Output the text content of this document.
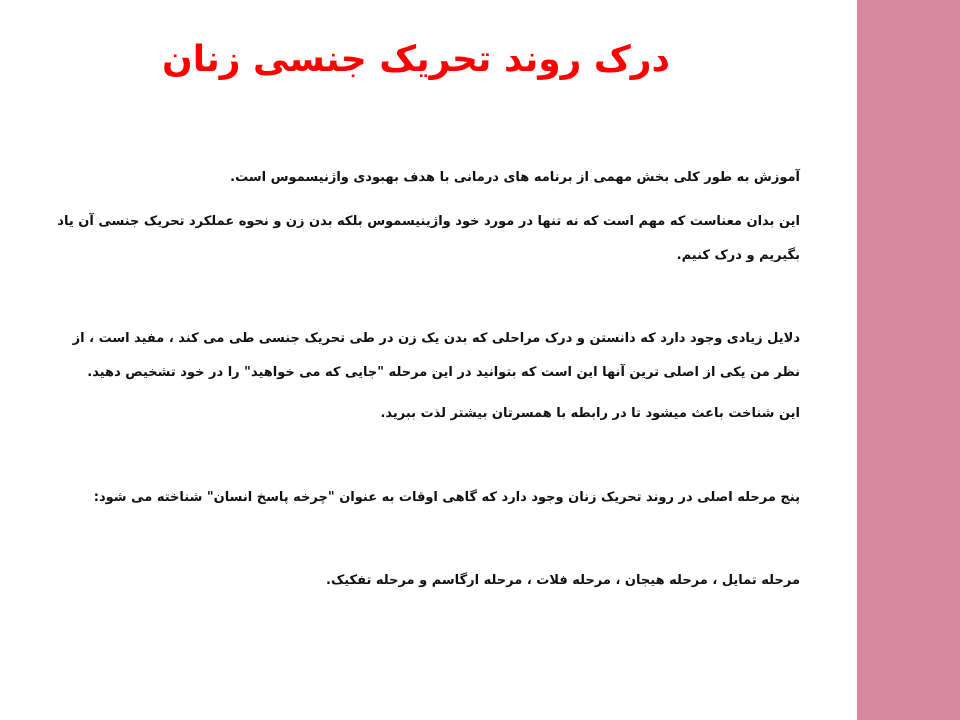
درک روند تحریک جنسی زنان

آموزش به طور کلی بخش مهمی از برنامه های درمانی با هدف بهبودی واژنیسموس است.

این بدان معناست که مهم است که نه تنها در مورد خود واژینیسموس بلکه بدن زن و نحوه عملکرد تحریک جنسی آن یاد بگیریم و درک کنیم.

دلایل زیادی وجود دارد که دانستن و درک مراحلی که بدن یک زن در طی تحریک جنسی طی می کند ، مفید است ، از نظر من یکی از اصلی ترین آنها این است که بتوانید در این مرحله "جایی که می خواهید" را در خود تشخیص دهید.

این شناخت باعث میشود تا در رابطه با همسرتان بیشتر لذت ببرید.

پنج مرحله اصلی در روند تحریک زنان وجود دارد که گاهی اوقات به عنوان "چرخه پاسخ انسان" شناخته می شود:

مرحله تمایل ، مرحله هیجان ، مرحله فلات ، مرحله ارگاسم و مرحله تفکیک.
